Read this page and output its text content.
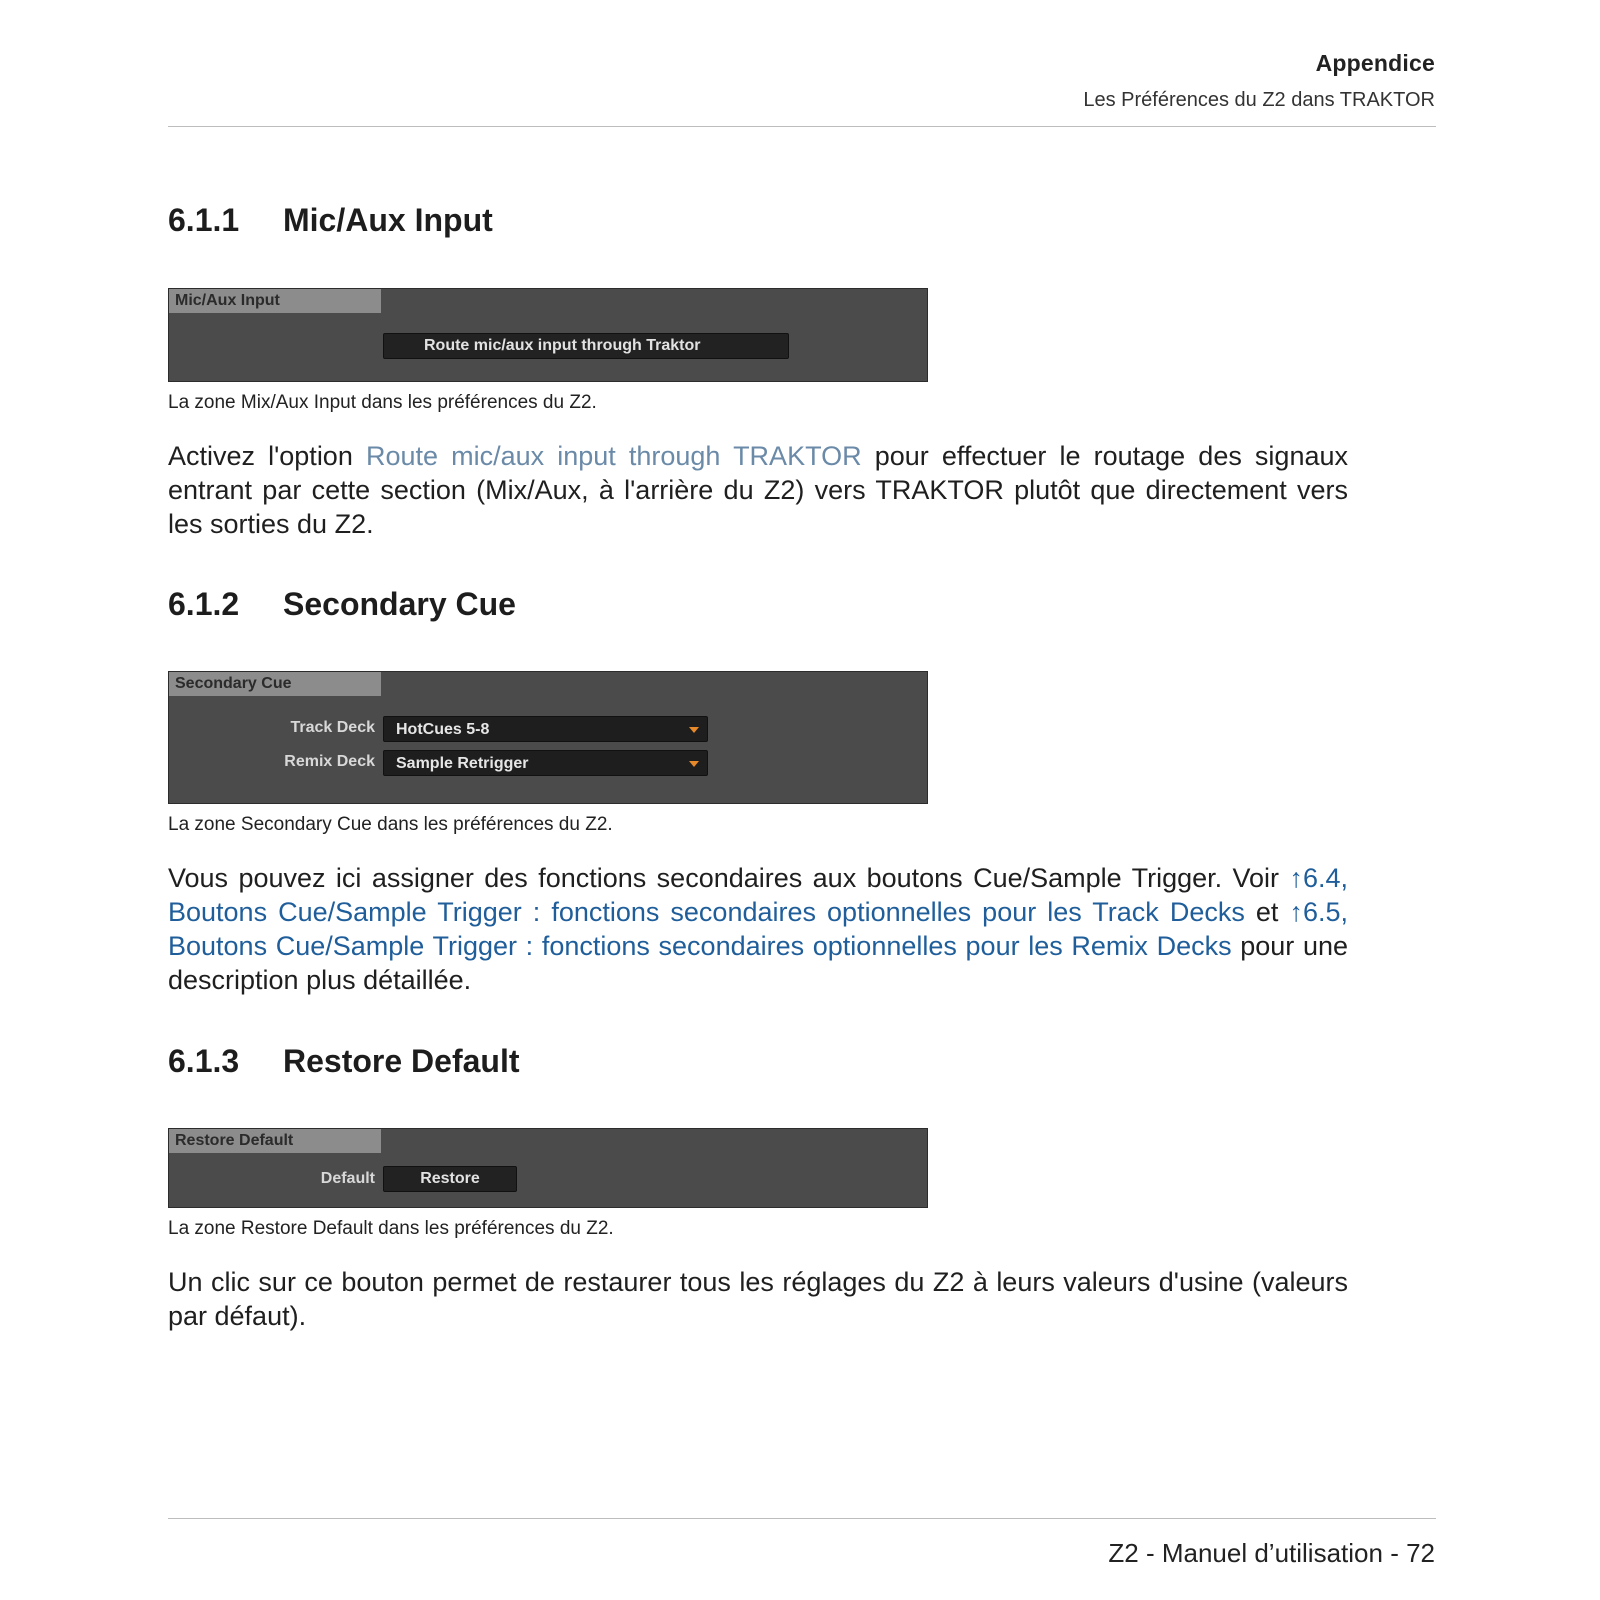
Appendice
Les Préférences du Z2 dans TRAKTOR
6.1.1 Mic/Aux Input
Mic/Aux Input
Route mic/aux input through Traktor
La zone Mix/Aux Input dans les préférences du Z2.
Activez l'option Route mic/aux input through TRAKTOR pour effectuer le routage des signaux entrant par cette section (Mix/Aux, à l'arrière du Z2) vers TRAKTOR plutôt que directement vers les sorties du Z2.
6.1.2 Secondary Cue
Secondary Cue
Track Deck	HotCues 5-8
Remix Deck	Sample Retrigger
La zone Secondary Cue dans les préférences du Z2.
Vous pouvez ici assigner des fonctions secondaires aux boutons Cue/Sample Trigger. Voir ↑6.4, Boutons Cue/Sample Trigger : fonctions secondaires optionnelles pour les Track Decks et ↑6.5, Boutons Cue/Sample Trigger : fonctions secondaires optionnelles pour les Remix Decks pour une description plus détaillée.
6.1.3 Restore Default
Restore Default
Default	Restore
La zone Restore Default dans les préférences du Z2.
Un clic sur ce bouton permet de restaurer tous les réglages du Z2 à leurs valeurs d'usine (valeurs par défaut).
Z2 - Manuel d’utilisation - 72
